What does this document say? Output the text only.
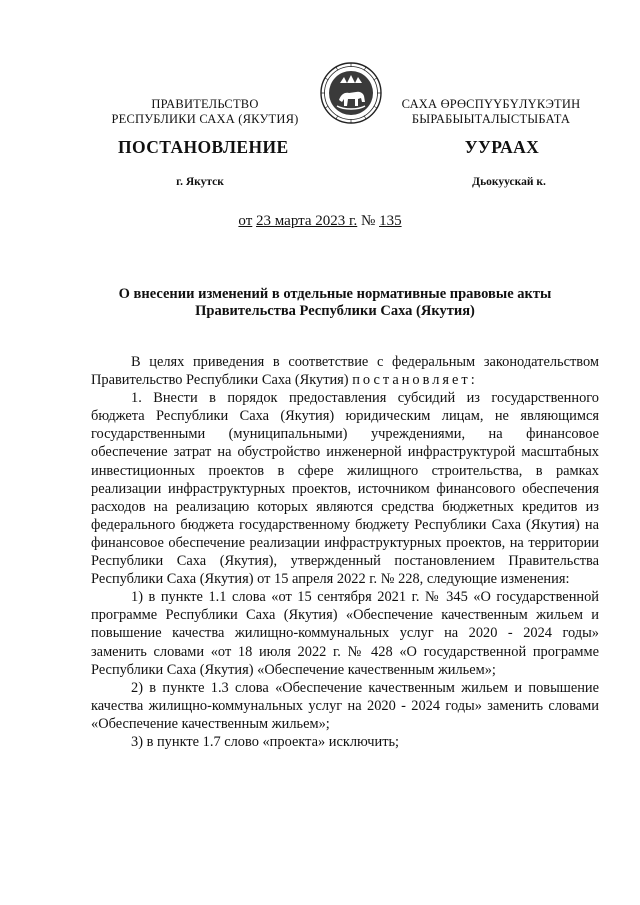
ПРАВИТЕЛЬСТВО
РЕСПУБЛИКИ САХА (ЯКУТИЯ)
САХА ӨРӨСПҮҮБҮЛҮКЭТИН
БЫРАБЫЫТАЛЫСТЫБАТА
ПОСТАНОВЛЕНИЕ	УУРААХ
г. Якутск	Дьокуускай к.
от 23 марта 2023 г. № 135
О внесении изменений в отдельные нормативные правовые акты
Правительства Республики Саха (Якутия)

В целях приведения в соответствие с федеральным законодательством Правительство Республики Саха (Якутия) постановляет:

1. Внести в порядок предоставления субсидий из государственного бюджета Республики Саха (Якутия) юридическим лицам, не являющимся государственными (муниципальными) учреждениями, на финансовое обеспечение затрат на обустройство инженерной инфраструктурой масштабных инвестиционных проектов в сфере жилищного строительства, в рамках реализации инфраструктурных проектов, источником финансового обеспечения расходов на реализацию которых являются средства бюджетных кредитов из федерального бюджета государственному бюджету Республики Саха (Якутия) на финансовое обеспечение реализации инфраструктурных проектов, на территории Республики Саха (Якутия), утвержденный постановлением Правительства Республики Саха (Якутия) от 15 апреля 2022 г. № 228, следующие изменения:

1) в пункте 1.1 слова «от 15 сентября 2021 г. № 345 «О государственной программе Республики Саха (Якутия) «Обеспечение качественным жильем и повышение качества жилищно-коммунальных услуг на 2020 - 2024 годы» заменить словами «от 18 июля 2022 г. № 428 «О государственной программе Республики Саха (Якутия) «Обеспечение качественным жильем»;

2) в пункте 1.3 слова «Обеспечение качественным жильем и повышение качества жилищно-коммунальных услуг на 2020 - 2024 годы» заменить словами «Обеспечение качественным жильем»;

3) в пункте 1.7 слово «проекта» исключить;
